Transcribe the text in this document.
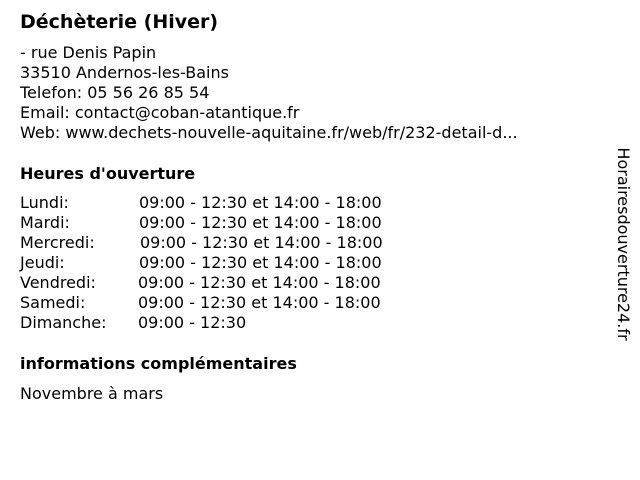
Déchèterie (Hiver)
- rue Denis Papin
33510 Andernos-les-Bains
Telefon: 05 56 26 85 54
Email: contact@coban-atantique.fr
Web: www.dechets-nouvelle-aquitaine.fr/web/fr/232-detail-d...
Heures d'ouverture
Lundi:	09:00 - 12:30 et 14:00 - 18:00
Mardi:	09:00 - 12:30 et 14:00 - 18:00
Mercredi:	09:00 - 12:30 et 14:00 - 18:00
Jeudi:	09:00 - 12:30 et 14:00 - 18:00
Vendredi:	09:00 - 12:30 et 14:00 - 18:00
Samedi:	09:00 - 12:30 et 14:00 - 18:00
Dimanche: 09:00 - 12:30
informations complémentaires
Novembre à mars
Horairesdouverture24.fr
